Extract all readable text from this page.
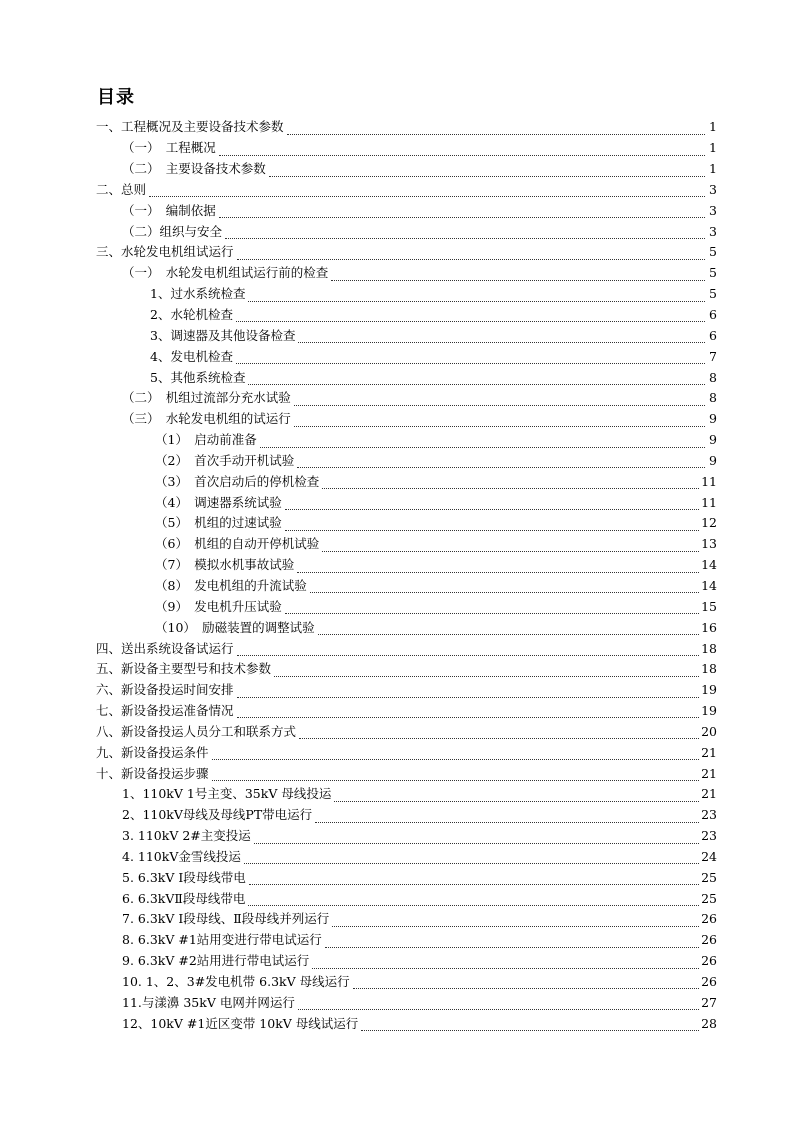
目录
一、工程概况及主要设备技术参数	1
（一）　工程概况	1
（二）　主要设备技术参数	1
二、总则	3
（一）　编制依据	3
（二）组织与安全	3
三、水轮发电机组试运行	5
（一）　水轮发电机组试运行前的检查	5
1、过水系统检查	5
2、水轮机检查	6
3、调速器及其他设备检查	6
4、发电机检查	7
5、其他系统检查	8
（二）　机组过流部分充水试验	8
（三）　水轮发电机组的试运行	9
（1）　启动前准备	9
（2）　首次手动开机试验	9
（3）　首次启动后的停机检查	11
（4）　调速器系统试验	11
（5）　机组的过速试验	12
（6）　机组的自动开停机试验	13
（7）　模拟水机事故试验	14
（8）　发电机组的升流试验	14
（9）　发电机升压试验	15
（10）　励磁装置的调整试验	16
四、送出系统设备试运行	18
五、新设备主要型号和技术参数	18
六、新设备投运时间安排	19
七、新设备投运准备情况	19
八、新设备投运人员分工和联系方式	20
九、新设备投运条件	21
十、新设备投运步骤	21
1、110kV 1号主变、35kV 母线投运	21
2、110kV母线及母线PT带电运行	23
3. 110kV 2#主变投运	23
4. 110kV金雪线投运	24
5. 6.3kV Ⅰ段母线带电	25
6. 6.3kVⅡ段母线带电	25
7. 6.3kV Ⅰ段母线、Ⅱ段母线并列运行	26
8. 6.3kV #1站用变进行带电试运行	26
9. 6.3kV #2站用进行带电试运行	26
10. 1、2、3#发电机带 6.3kV 母线运行	26
11.与漾濞 35kV 电网并网运行	27
12、10kV #1近区变带 10kV 母线试运行	28
